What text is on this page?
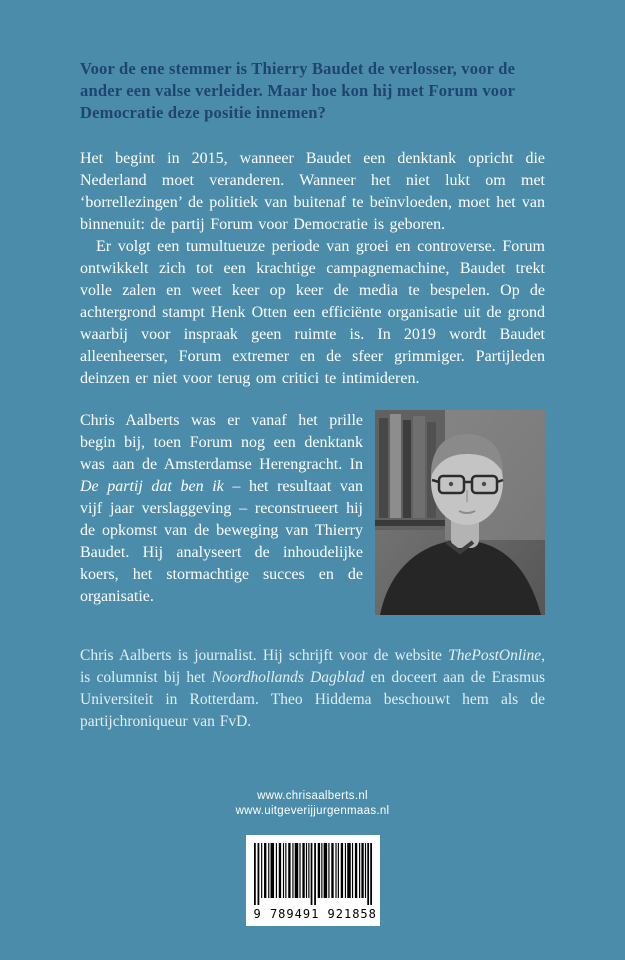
Voor de ene stemmer is Thierry Baudet de verlosser, voor de ander een valse verleider. Maar hoe kon hij met Forum voor Democratie deze positie innemen?

Het begint in 2015, wanneer Baudet een denktank opricht die Nederland moet veranderen. Wanneer het niet lukt om met ‘borrellezingen’ de politiek van buitenaf te beïnvloeden, moet het van binnenuit: de partij Forum voor Democratie is geboren.

Er volgt een tumultueuze periode van groei en controverse. Forum ontwikkelt zich tot een krachtige campagnemachine, Baudet trekt volle zalen en weet keer op keer de media te bespelen. Op de achtergrond stampt Henk Otten een efficiënte organisatie uit de grond waarbij voor inspraak geen ruimte is. In 2019 wordt Baudet alleenheerser, Forum extremer en de sfeer grimmiger. Partijleden deinzen er niet voor terug om critici te intimideren.

Chris Aalberts was er vanaf het prille begin bij, toen Forum nog een denktank was aan de Amsterdamse Herengracht. In De partij dat ben ik – het resultaat van vijf jaar verslaggeving – reconstrueert hij de opkomst van de beweging van Thierry Baudet. Hij analyseert de inhoudelijke koers, het stormachtige succes en de organisatie.

Chris Aalberts is journalist. Hij schrijft voor de website ThePostOnline, is columnist bij het Noordhollands Dagblad en doceert aan de Erasmus Universiteit in Rotterdam. Theo Hiddema beschouwt hem als de partijchroniqueur van FvD.

www.chrisaalberts.nl
www.uitgeverijjurgenmaas.nl
9 789491 921858
